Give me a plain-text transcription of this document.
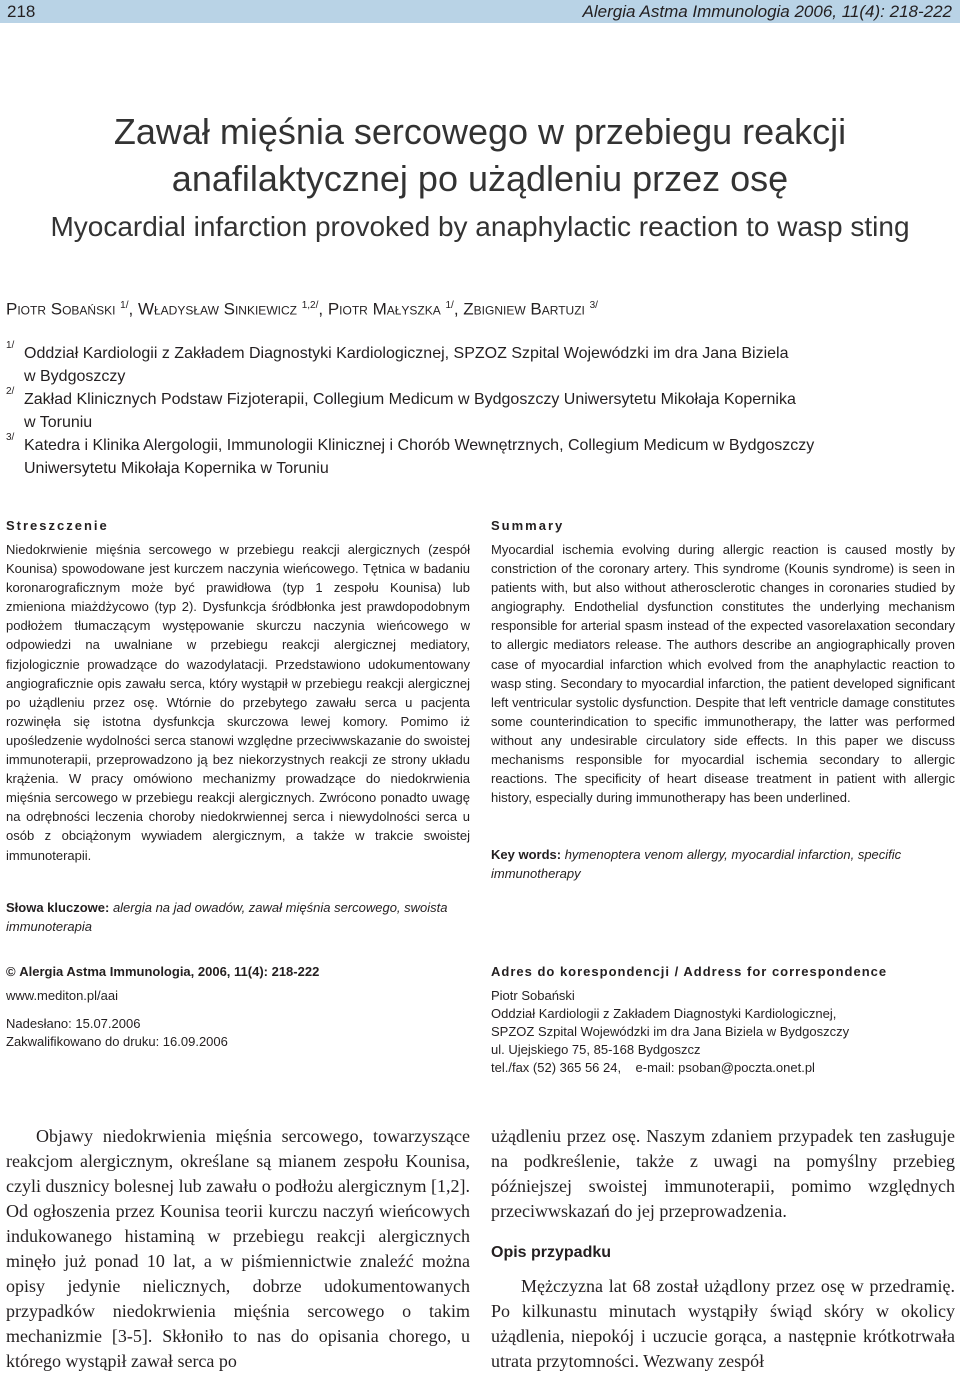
218	Alergia Astma Immunologia 2006, 11(4): 218-222
Zawał mięśnia sercowego w przebiegu reakcji
anafilaktycznej po użądleniu przez osę
Myocardial infarction provoked by anaphylactic reaction to wasp sting
Piotr Sobański $^{1/}$, Władysław Sinkiewicz $^{1,2/}$, Piotr Małyszka $^{1/}$, Zbigniew Bartuzi $^{3/}$
1/ Oddział Kardiologii z Zakładem Diagnostyki Kardiologicznej, SPZOZ Szpital Wojewódzki im dra Jana Biziela
w Bydgoszczy
2/ Zakład Klinicznych Podstaw Fizjoterapii, Collegium Medicum w Bydgoszczy Uniwersytetu Mikołaja Kopernika
w Toruniu
3/ Katedra i Klinika Alergologii, Immunologii Klinicznej i Chorób Wewnętrznych, Collegium Medicum w Bydgoszczy
Uniwersytetu Mikołaja Kopernika w Toruniu
Streszczenie
Niedokrwienie mięśnia sercowego w przebiegu reakcji alergicznych (zespół Kounisa) spowodowane jest kurczem naczynia wieńcowego. Tętnica w badaniu koronarograficznym może być prawidłowa (typ 1 zespołu Kounisa) lub zmieniona miażdżycowo (typ 2). Dysfunkcja śródbłonka jest prawdopodobnym podłożem tłumaczącym występowanie skurczu naczynia wieńcowego w odpowiedzi na uwalniane w przebiegu reakcji alergicznej mediatory, fizjologicznie prowadzące do wazodylatacji. Przedstawiono udokumentowany angiograficznie opis zawału serca, który wystąpił w przebiegu reakcji alergicznej po użądleniu przez osę. Wtórnie do przebytego zawału serca u pacjenta rozwinęła się istotna dysfunkcja skurczowa lewej komory. Pomimo iż upośledzenie wydolności serca stanowi względne przeciwwskazanie do swoistej immunoterapii, przeprowadzono ją bez niekorzystnych reakcji ze strony układu krążenia. W pracy omówiono mechanizmy prowadzące do niedokrwienia mięśnia sercowego w przebiegu reakcji alergicznych. Zwrócono ponadto uwagę na odrębności leczenia choroby niedokrwiennej serca i niewydolności serca u osób z obciążonym wywiadem alergicznym, a także w trakcie swoistej immunoterapii.
Słowa kluczowe: alergia na jad owadów, zawał mięśnia sercowego, swoista immunoterapia
Summary
Myocardial ischemia evolving during allergic reaction is caused mostly by constriction of the coronary artery. This syndrome (Kounis syndrome) is seen in patients with, but also without atherosclerotic changes in coronaries studied by angiography. Endothelial dysfunction constitutes the underlying mechanism responsible for arterial spasm instead of the expected vasorelaxation secondary to allergic mediators release. The authors describe an angiographically proven case of myocardial infarction which evolved from the anaphylactic reaction to wasp sting. Secondary to myocardial infarction, the patient developed significant left ventricular systolic dysfunction. Despite that left ventricle damage constitutes some counterindication to specific immunotherapy, the latter was performed without any undesirable circulatory side effects. In this paper we discuss mechanisms responsible for myocardial ischemia secondary to allergic reactions. The specificity of heart disease treatment in patient with allergic history, especially during immunotherapy has been underlined.
Key words: hymenoptera venom allergy, myocardial infarction, specific immunotherapy
© Alergia Astma Immunologia, 2006, 11(4): 218-222
www.mediton.pl/aai
Nadesłano: 15.07.2006
Zakwalifikowano do druku: 16.09.2006
Adres do korespondencji / Address for correspondence
Piotr Sobański
Oddział Kardiologii z Zakładem Diagnostyki Kardiologicznej,
SPZOZ Szpital Wojewódzki im dra Jana Biziela w Bydgoszczy
ul. Ujejskiego 75, 85-168 Bydgoszcz
tel./fax (52) 365 56 24,    e-mail: psoban@poczta.onet.pl
Objawy niedokrwienia mięśnia sercowego, towarzyszące reakcjom alergicznym, określane są mianem zespołu Kounisa, czyli dusznicy bolesnej lub zawału o podłożu alergicznym [1,2]. Od ogłoszenia przez Kounisa teorii kurczu naczyń wieńcowych indukowanego histaminą w przebiegu reakcji alergicznych minęło już ponad 10 lat, a w piśmiennictwie znaleźć można opisy jedynie nielicznych, dobrze udokumentowanych przypadków niedokrwienia mięśnia sercowego o takim mechanizmie [3-5]. Skłoniło to nas do opisania chorego, u którego wystąpił zawał serca po
użądleniu przez osę. Naszym zdaniem przypadek ten zasługuje na podkreślenie, także z uwagi na pomyślny przebieg późniejszej swoistej immunoterapii, pomimo względnych przeciwwskazań do jej przeprowadzenia.
Opis przypadku
Mężczyzna lat 68 został użądlony przez osę w przedramię. Po kilkunastu minutach wystąpiły świąd skóry w okolicy użądlenia, niepokój i uczucie gorąca, a następnie krótkotrwała utrata przytomności. Wezwany zespół
